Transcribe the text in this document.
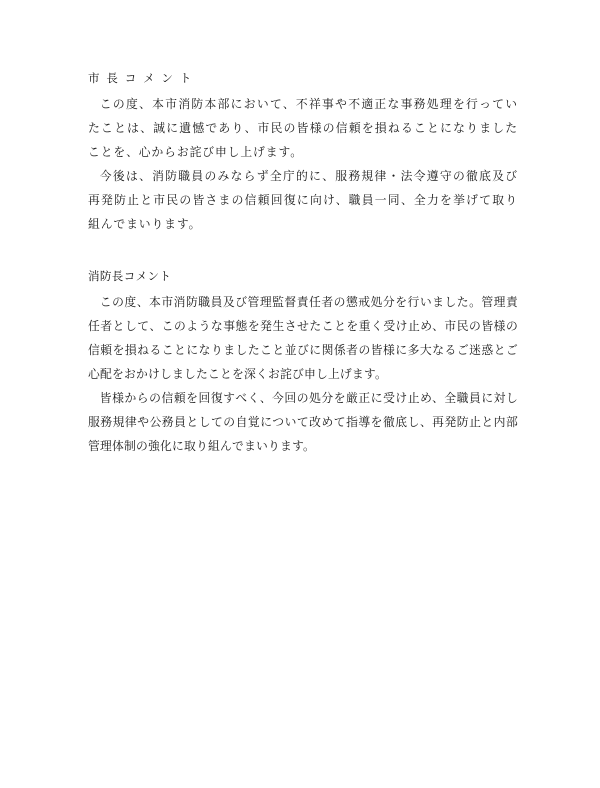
市 長 コ メ ン ト

この度、本市消防本部において、不祥事や不適正な事務処理を行っていたことは、誠に遺憾であり、市民の皆様の信頼を損ねることになりましたことを、心からお詫び申し上げます。

今後は、消防職員のみならず全庁的に、服務規律・法令遵守の徹底及び再発防止と市民の皆さまの信頼回復に向け、職員一同、全力を挙げて取り組んでまいります。

消防長コメント

この度、本市消防職員及び管理監督責任者の懲戒処分を行いました。管理責任者として、このような事態を発生させたことを重く受け止め、市民の皆様の信頼を損ねることになりましたこと並びに関係者の皆様に多大なるご迷惑とご心配をおかけしましたことを深くお詫び申し上げます。

皆様からの信頼を回復すべく、今回の処分を厳正に受け止め、全職員に対し服務規律や公務員としての自覚について改めて指導を徹底し、再発防止と内部管理体制の強化に取り組んでまいります。
